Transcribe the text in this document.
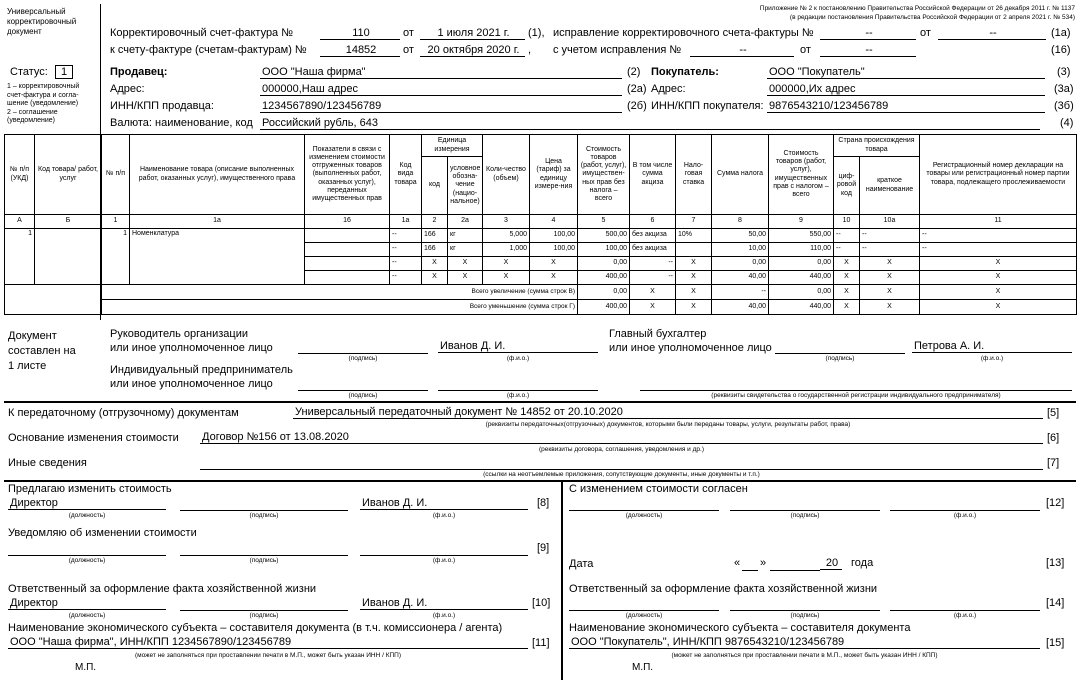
Универсальный
корректировочный
документ
Приложение № 2 к постановлению Правительства Российской Федерации от 26 декабря 2011 г. № 1137
(в редакции постановления Правительства Российской Федерации от 2 апреля 2021 г. № 534)
Корректировочный счет-фактура №	110	от	1 июля 2021 г.	(1), исправление корректировочного счета-фактуры №	--	от	--	(1а)
к счету-фактуре (счетам-фактурам) №	14852	от	20 октября 2020 г. , с учетом исправления №	--	от	--	(16)
Статус:	1
1 – корректировочный
счет-фактура и согла-
шение (уведомление)
2 – соглашение
(уведомление)
Продавец:	ООО "Наша фирма"	(2)
Адрес:	000000,Наш адрес	(2а)
ИНН/КПП продавца:	1234567890/123456789	(2б)
Валюта: наименование, код Российский рубль, 643	(4)
Покупатель:	ООО "Покупатель"	(3)
Адрес:	000000,Их адрес	(3а)
ИНН/КПП покупателя: 9876543210/123456789	(3б)
№ п/п (УКД)	Код товара/ работ, услуг	№ п/п	Наименование товара (описание выполненных работ, оказанных услуг), имущественного права	Показатели в связи с изменением стоимости отгруженных товаров (выполненных работ, оказанных услуг), переданных имущественных прав	Код вида товара	Единица измерения		Коли-чество (объем)	Цена (тариф) за единицу измере-ния	Стоимость товаров (работ, услуг), имуществен-ных прав без налога – всего	В том числе сумма акциза	Нало-говая ставка	Сумма налога	Стоимость товаров (работ, услуг), имущественных прав с налогом – всего	Страна происхождения товара		Регистрационный номер декларации на товары или регистрационный номер партии товара, подлежащего прослеживаемости
						код	условное обозна-чение (нацио-нальное)								циф-ровой код	краткое наименование	
А	Б	1	1а	16	1а	2	2а	3	4	5	6	7	8	9	10	10а	11
1		1	Номенклатура		--	166	кг	5,000	100,00	500,00	без акциза	10%	50,00	550,00	--	--	--
					--	166	кг	1,000	100,00	100,00	без акциза		10,00	110,00	--	--	--
					--	X	X	X	X	0,00	--	X	0,00	0,00	X	X	X
					--	X	X	X	X	400,00	--	X	40,00	440,00	X	X	X
		Всего увеличение (сумма строк В)								0,00	X	X	--	0,00	X	X	X
		Всего уменьшение (сумма строк Г)								400,00	X	X	40,00	440,00	X	X	X
Документ
составлен на
1 листе
Руководитель организации
или иное уполномоченное лицо	Иванов Д. И.
(подпись)	(ф.и.о.)
Главный бухгалтер
или иное уполномоченное лицо	Петрова А. И.
(подпись)	(ф.и.о.)
Индивидуальный предприниматель
или иное уполномоченное лицо
(подпись)	(ф.и.о.)	(реквизиты свидетельства о государственной регистрации индивидуального предпринимателя)
К передаточному (отгрузочному) документам	Универсальный передаточный документ № 14852 от 20.10.2020	[5]
(реквизиты передаточных(отгрузочных) документов, которыми были переданы товары, услуги, результаты работ, права)
Основание изменения стоимости Договор №156 от 13.08.2020	[6]
(реквизиты договора, соглашения, уведомления и др.)
Иные сведения	[7]
(ссылки на неотъемлемые приложения, сопутствующие документы, иные документы и т.п.)
Предлагаю изменить стоимость
Директор	Иванов Д. И.	[8]
(должность)	(подпись)	(ф.и.о.)
Уведомляю об изменении стоимости
[9]
(должность)	(подпись)	(ф.и.о.)
Ответственный за оформление факта хозяйственной жизни
Директор	Иванов Д. И.	[10]
(должность)	(подпись)	(ф.и.о.)
Наименование экономического субъекта – составителя документа (в т.ч. комиссионера / агента)
ООО "Наша фирма", ИНН/КПП 1234567890/123456789	[11]
(может не заполняться при проставлении печати в М.П., может быть указан ИНН / КПП)
М.П.
С изменением стоимости согласен
[12]
(должность)	(подпись)	(ф.и.о.)
Дата	« »	20	года	[13]
Ответственный за оформление факта хозяйственной жизни
[14]
(должность)	(подпись)	(ф.и.о.)
Наименование экономического субъекта – составителя документа
ООО "Покупатель", ИНН/КПП 9876543210/123456789	[15]
(может не заполняться при проставлении печати в М.П., может быть указан ИНН / КПП)
М.П.
